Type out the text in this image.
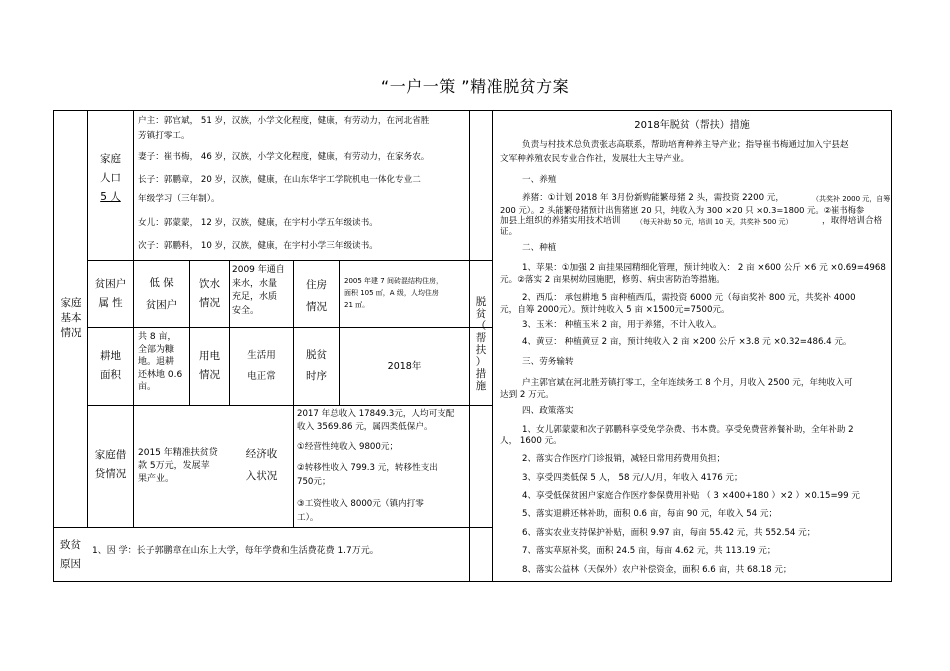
“一户一策 ”精准脱贫方案
家庭
基本
情况
家庭
人口
5 人
户主：郭官斌， 51 岁，汉族，小学文化程度，健康，有劳动力，在河北省胜
芳镇打零工。
妻子：崔书梅， 46 岁，汉族，小学文化程度，健康，有劳动力，在家务农。
长子：郭鹏章， 20 岁，汉族，健康，在山东华宇工学院机电一体化专业二
年级学习（三年制）。
女儿：郭蒙蒙， 12 岁，汉族，健康，在宇村小学五年级读书。
次子：郭鹏科， 10 岁，汉族，健康，在宇村小学三年级读书。
贫困户
属 性
低 保
贫困户
饮水
情况
2009 年通自
来水，水量
充足，水质
安全。
住房
情况
2005 年建 7 间砖混结构住房，
面积 105 ㎡，A 级，人均住房
21 ㎡。
耕地
面积
共 8 亩，
全部为糠
地。退耕
还林地 0.6
亩。
用电
情况
生活用
电正常
脱贫
时序
2018年
家庭借
贷情况
2015 年精准扶贫贷
款 5万元，发展苹
果产业。
经济收
入状况
2017 年总收入 17849.3元，人均可支配
收入 3569.86 元，属四类低保户。
①经营性纯收入 9800元；
②转移性收入 799.3 元，转移性支出
750元；
③工资性收入 8000元（镇内打零
工）。
致贫
原因
1、因 学：长子郭鹏章在山东上大学，每年学费和生活费花费 1.7万元。
脱
贫
（
帮
扶
）
措
施
2018年脱贫（帮扶）措施
负责与村技术总负责张志高联系，帮助培育种养主导产业；指导崔书梅通过加入宁县赵
文军种养殖农民专业合作社，发展壮大主导产业。
一、养殖
养猪：①计划 2018 年 3月份新购能繁母猪 2 头，需投资 2200 元，	（共奖补 2000 元，自筹
200 元）。2 头能繁母猪预计出售猪崽 20 只，纯收入为 300 ×20 只 ×0.3=1800 元。②崔书梅参
加县上组织的养猪实用技术培训 （每天补助 50 元，培训 10 天，共奖补 500 元）	，取得培训合格
证。
二、种植
1、苹果：①加强 2 亩挂果园精细化管理，预计纯收入： 2 亩 ×600 公斤 ×6 元 ×0.69=4968
元。②落实 2 亩果树幼园施肥，修剪、病虫害防治等措施。
2、西瓜： 承包耕地 5 亩种植西瓜，需投资 6000 元（每亩奖补 800 元，共奖补 4000
元，自筹 2000元）。预计纯收入 5 亩 ×1500元=7500元。
3、玉米： 种植玉米 2 亩，用于养猪，不计入收入。
4、黄豆： 种植黄豆 2 亩，预计纯收入 2 亩 ×200 公斤 ×3.8 元 ×0.32=486.4 元。
三、劳务输转
户主郭官斌在河北胜芳镇打零工，全年连续务工 8 个月，月收入 2500 元，年纯收入可
达到 2 万元。
四、政策落实
1、女儿郭蒙蒙和次子郭鹏科享受免学杂费、书本费。享受免费营养餐补助，全年补助 2
人， 1600 元。
2、落实合作医疗门诊报销，减轻日常用药费用负担；
3、享受四类低保 5 人， 58 元/人/月，年收入 4176 元；
4、享受低保贫困户家庭合作医疗参保费用补贴 （ 3 ×400+180 ）×2 ）×0.15=99 元
5、落实退耕还林补助，面积 0.6 亩，每亩 90 元，年收入 54 元；
6、落实农业支持保护补贴，面积 9.97 亩，每亩 55.42 元，共 552.54 元；
7、落实草原补奖，面积 24.5 亩，每亩 4.62 元，共 113.19 元；
8、落实公益林（天保外）农户补偿资金，面积 6.6 亩，共 68.18 元；
